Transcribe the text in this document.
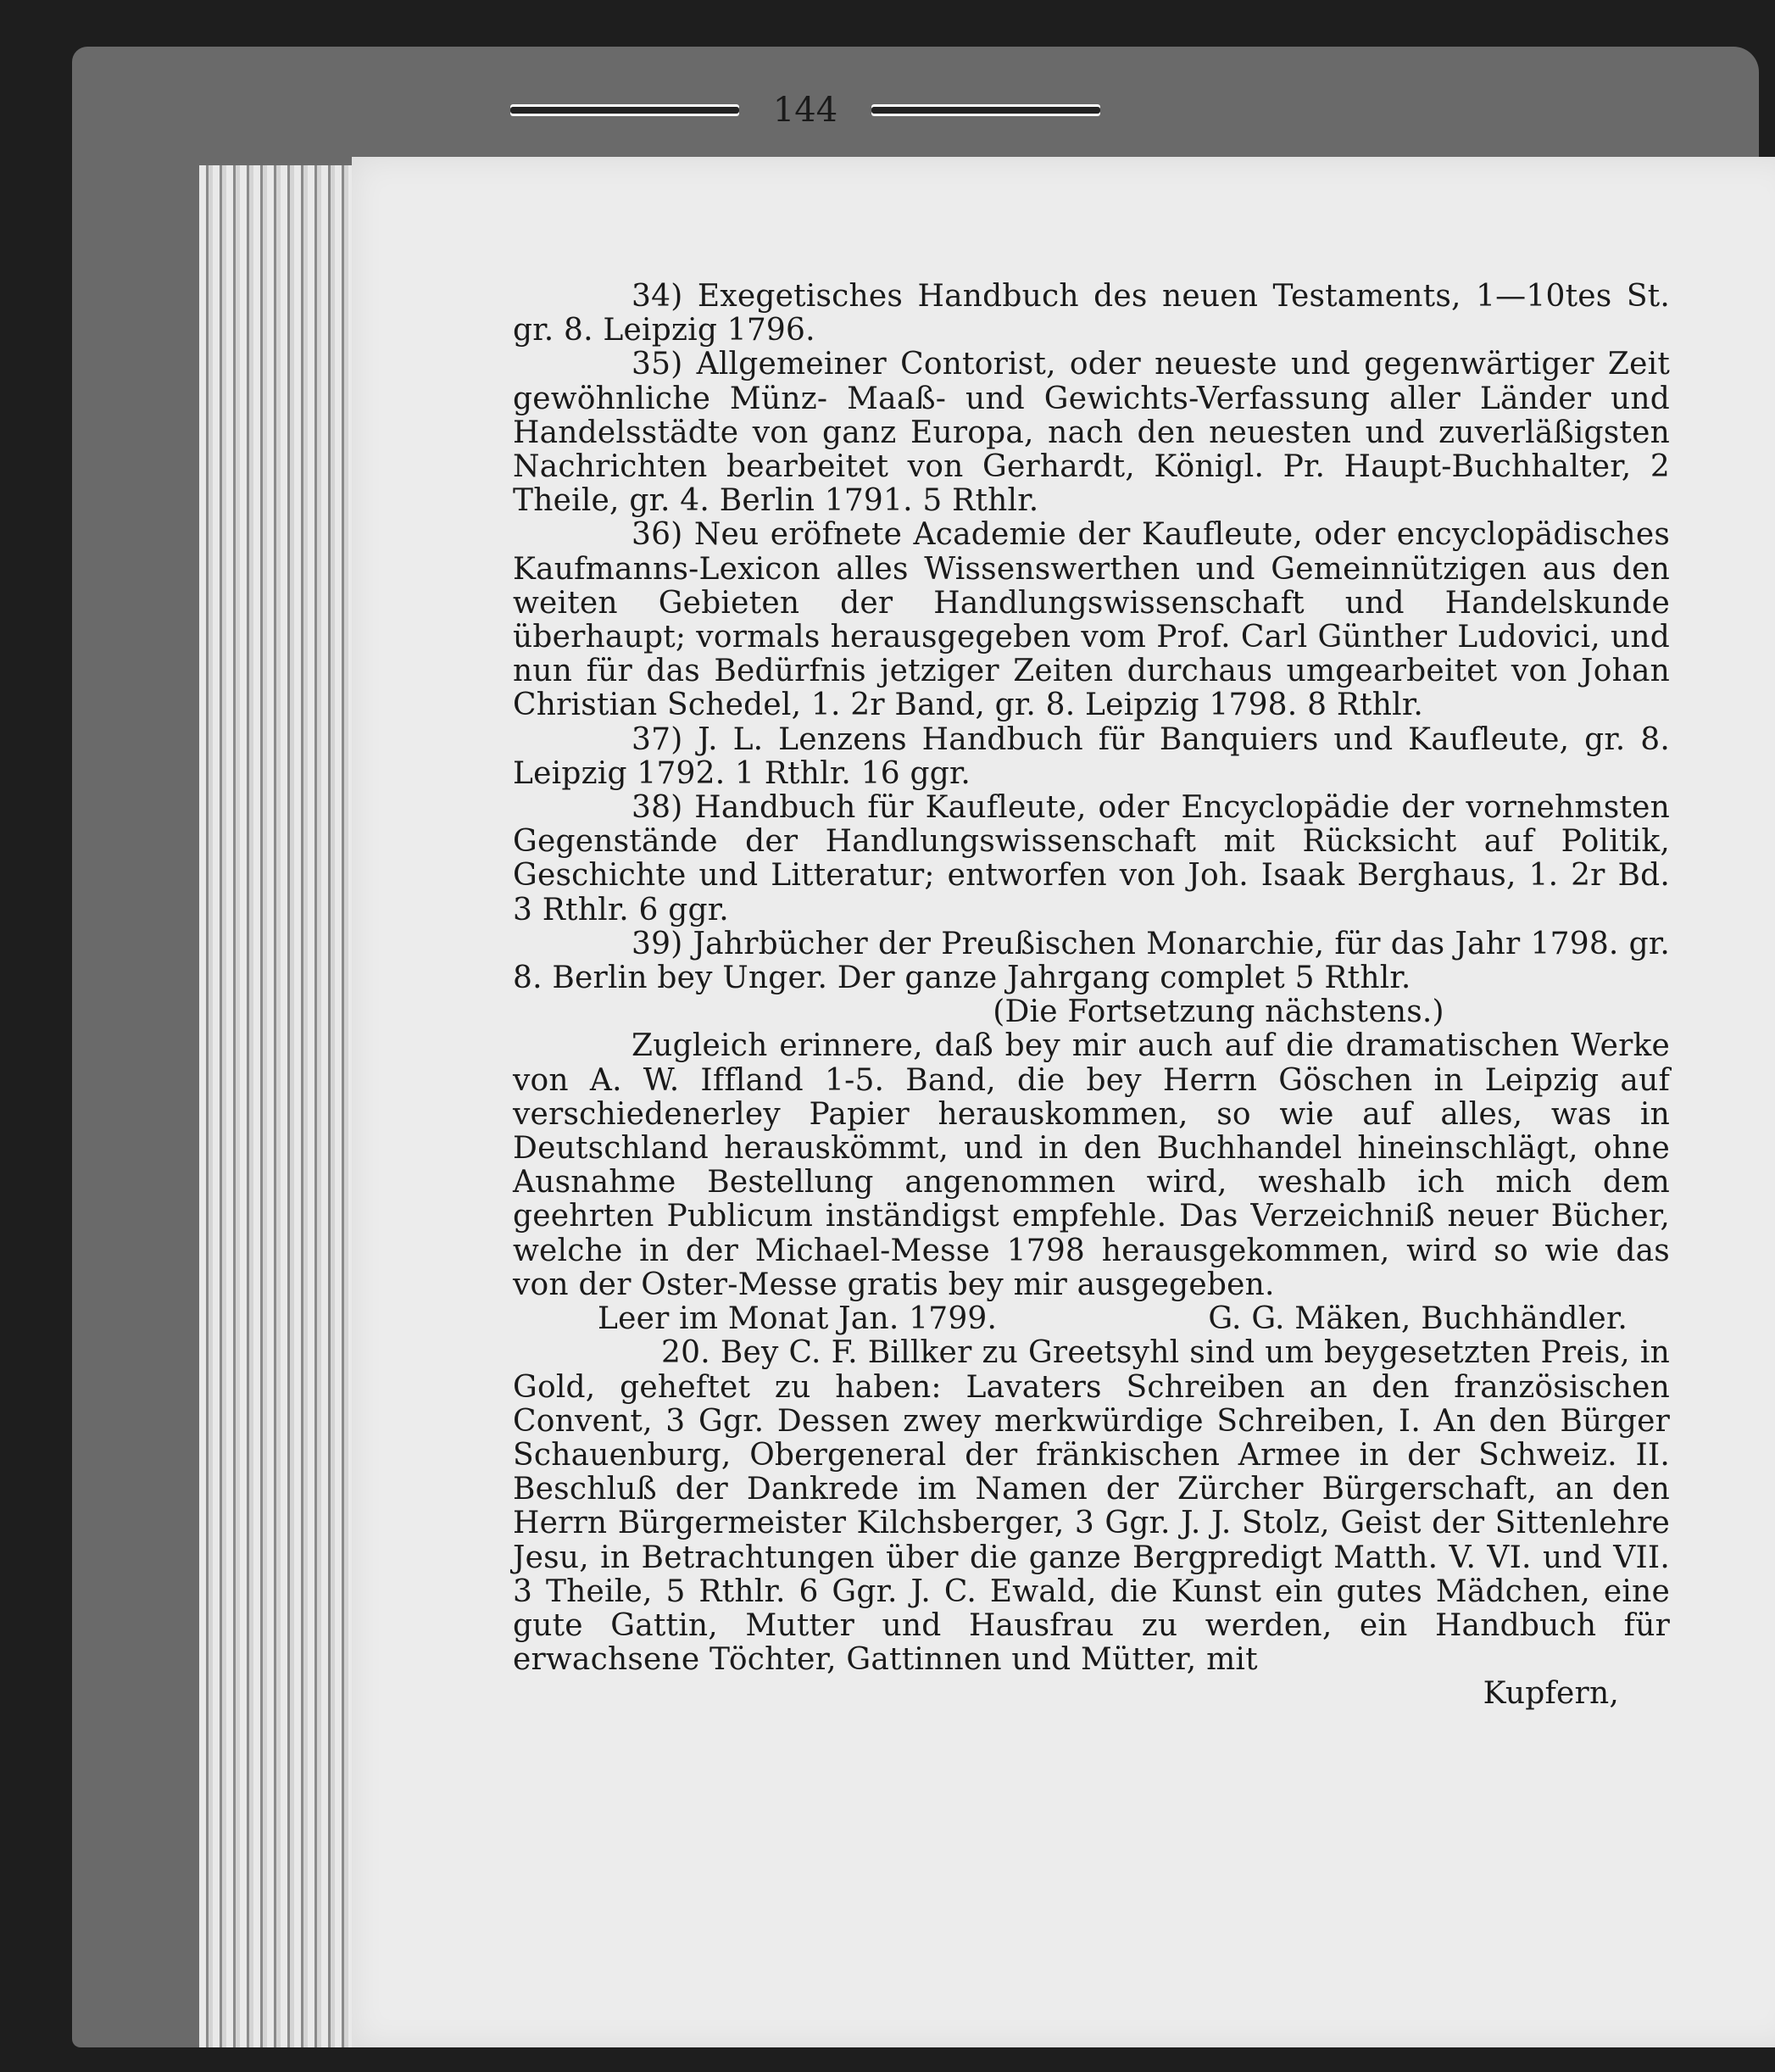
144

34) Exegetisches Handbuch des neuen Testaments, 1—10tes St. gr. 8. Leipzig 1796.

35) Allgemeiner Contorist, oder neueste und gegenwärtiger Zeit gewöhnliche Münz- Maaß- und Gewichts-Verfassung aller Länder und Handelsstädte von ganz Europa, nach den neuesten und zuverläßigsten Nachrichten bearbeitet von Gerhardt, Königl. Pr. Haupt-Buchhalter, 2 Theile, gr. 4. Berlin 1791. 5 Rthlr.

36) Neu eröfnete Academie der Kaufleute, oder encyclopädisches Kaufmanns-Lexicon alles Wissenswerthen und Gemeinnützigen aus den weiten Gebieten der Handlungswissenschaft und Handelskunde überhaupt; vormals herausgegeben vom Prof. Carl Günther Ludovici, und nun für das Bedürfnis jetziger Zeiten durchaus umgearbeitet von Johan Christian Schedel, 1. 2r Band, gr. 8. Leipzig 1798. 8 Rthlr.

37) J. L. Lenzens Handbuch für Banquiers und Kaufleute, gr. 8. Leipzig 1792. 1 Rthlr. 16 ggr.

38) Handbuch für Kaufleute, oder Encyclopädie der vornehmsten Gegenstände der Handlungswissenschaft mit Rücksicht auf Politik, Geschichte und Litteratur; entworfen von Joh. Isaak Berghaus, 1. 2r Bd. 3 Rthlr. 6 ggr.

39) Jahrbücher der Preußischen Monarchie, für das Jahr 1798. gr. 8. Berlin bey Unger. Der ganze Jahrgang complet 5 Rthlr.

(Die Fortsetzung nächstens.)

Zugleich erinnere, daß bey mir auch auf die dramatischen Werke von A. W. Iffland 1-5. Band, die bey Herrn Göschen in Leipzig auf verschiedenerley Papier herauskommen, so wie auf alles, was in Deutschland herauskömmt, und in den Buchhandel hineinschlägt, ohne Ausnahme Bestellung angenommen wird, weshalb ich mich dem geehrten Publicum inständigst empfehle. Das Verzeichniß neuer Bücher, welche in der Michael-Messe 1798 herausgekommen, wird so wie das von der Oster-Messe gratis bey mir ausgegeben.

Leer im Monat Jan. 1799.	G. G. Mäken, Buchhändler.

20. Bey C. F. Billker zu Greetsyhl sind um beygesetzten Preis, in Gold, geheftet zu haben: Lavaters Schreiben an den französischen Convent, 3 Ggr. Dessen zwey merkwürdige Schreiben, I. An den Bürger Schauenburg, Obergeneral der fränkischen Armee in der Schweiz. II. Beschluß der Dankrede im Namen der Zürcher Bürgerschaft, an den Herrn Bürgermeister Kilchsberger, 3 Ggr. J. J. Stolz, Geist der Sittenlehre Jesu, in Betrachtungen über die ganze Bergpredigt Matth. V. VI. und VII. 3 Theile, 5 Rthlr. 6 Ggr. J. C. Ewald, die Kunst ein gutes Mädchen, eine gute Gattin, Mutter und Hausfrau zu werden, ein Handbuch für erwachsene Töchter, Gattinnen und Mütter, mit

Kupfern,
